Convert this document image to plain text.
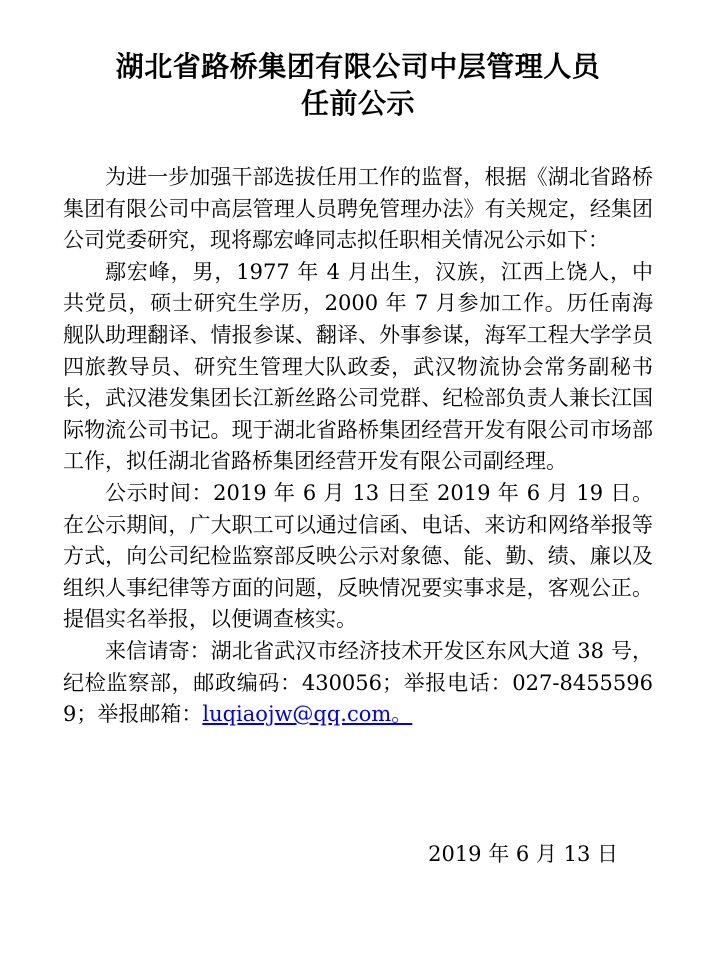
湖北省路桥集团有限公司中层管理人员
任前公示

为进一步加强干部选拔任用工作的监督，根据《湖北省路桥集团有限公司中高层管理人员聘免管理办法》有关规定，经集团公司党委研究，现将鄢宏峰同志拟任职相关情况公示如下：

鄢宏峰，男，1977 年 4 月出生，汉族，江西上饶人，中共党员，硕士研究生学历，2000 年 7 月参加工作。历任南海舰队助理翻译、情报参谋、翻译、外事参谋，海军工程大学学员四旅教导员、研究生管理大队政委，武汉物流协会常务副秘书长，武汉港发集团长江新丝路公司党群、纪检部负责人兼长江国际物流公司书记。现于湖北省路桥集团经营开发有限公司市场部工作，拟任湖北省路桥集团经营开发有限公司副经理。

公示时间：2019 年 6 月 13 日至 2019 年 6 月 19 日。在公示期间，广大职工可以通过信函、电话、来访和网络举报等方式，向公司纪检监察部反映公示对象德、能、勤、绩、廉以及组织人事纪律等方面的问题，反映情况要实事求是，客观公正。提倡实名举报，以便调查核实。

来信请寄：湖北省武汉市经济技术开发区东风大道 38 号，纪检监察部，邮政编码：430056；举报电话：027-84555969；举报邮箱：luqiaojw@qq.com。

2019 年 6 月 13 日
